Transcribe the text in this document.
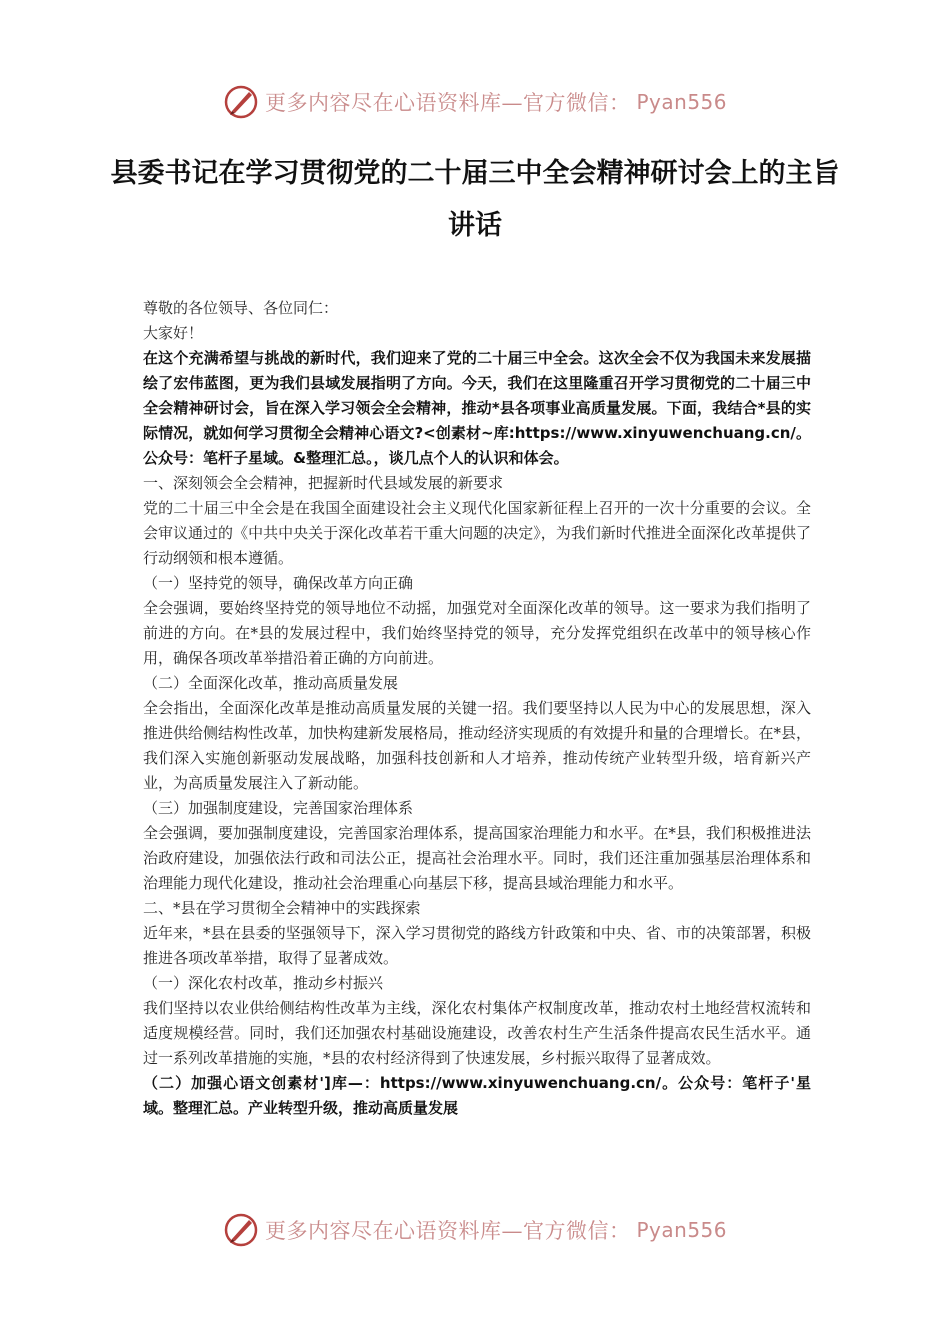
更多内容尽在心语资料库—官方微信： Pyan556
县委书记在学习贯彻党的二十届三中全会精神研讨会上的主旨讲话

尊敬的各位领导、各位同仁：

大家好！

在这个充满希望与挑战的新时代，我们迎来了党的二十届三中全会。这次全会不仅为我国未来发展描绘了宏伟蓝图，更为我们县域发展指明了方向。今天，我们在这里隆重召开学习贯彻党的二十届三中全会精神研讨会，旨在深入学习领会全会精神，推动*县各项事业高质量发展。下面，我结合*县的实际情况，就如何学习贯彻全会精神心语文?<创素材~库:https://www.xinyuwenchuang.cn/。公众号：笔杆子星域。&整理汇总。，谈几点个人的认识和体会。

一、深刻领会全会精神，把握新时代县域发展的新要求

党的二十届三中全会是在我国全面建设社会主义现代化国家新征程上召开的一次十分重要的会议。全会审议通过的《中共中央关于深化改革若干重大问题的决定》，为我们新时代推进全面深化改革提供了行动纲领和根本遵循。

（一）坚持党的领导，确保改革方向正确

全会强调，要始终坚持党的领导地位不动摇，加强党对全面深化改革的领导。这一要求为我们指明了前进的方向。在*县的发展过程中，我们始终坚持党的领导，充分发挥党组织在改革中的领导核心作用，确保各项改革举措沿着正确的方向前进。

（二）全面深化改革，推动高质量发展

全会指出，全面深化改革是推动高质量发展的关键一招。我们要坚持以人民为中心的发展思想，深入推进供给侧结构性改革，加快构建新发展格局，推动经济实现质的有效提升和量的合理增长。在*县，我们深入实施创新驱动发展战略，加强科技创新和人才培养，推动传统产业转型升级，培育新兴产业，为高质量发展注入了新动能。

（三）加强制度建设，完善国家治理体系

全会强调，要加强制度建设，完善国家治理体系，提高国家治理能力和水平。在*县，我们积极推进法治政府建设，加强依法行政和司法公正，提高社会治理水平。同时，我们还注重加强基层治理体系和治理能力现代化建设，推动社会治理重心向基层下移，提高县域治理能力和水平。

二、*县在学习贯彻全会精神中的实践探索

近年来，*县在县委的坚强领导下，深入学习贯彻党的路线方针政策和中央、省、市的决策部署，积极推进各项改革举措，取得了显著成效。

（一）深化农村改革，推动乡村振兴

我们坚持以农业供给侧结构性改革为主线，深化农村集体产权制度改革，推动农村土地经营权流转和适度规模经营。同时，我们还加强农村基础设施建设，改善农村生产生活条件提高农民生活水平。通过一系列改革措施的实施，*县的农村经济得到了快速发展，乡村振兴取得了显著成效。

（二）加强心语文创素材']库—：https://www.xinyuwenchuang.cn/。公众号：笔杆子'星域。整理汇总。产业转型升级，推动高质量发展

更多内容尽在心语资料库—官方微信： Pyan556
